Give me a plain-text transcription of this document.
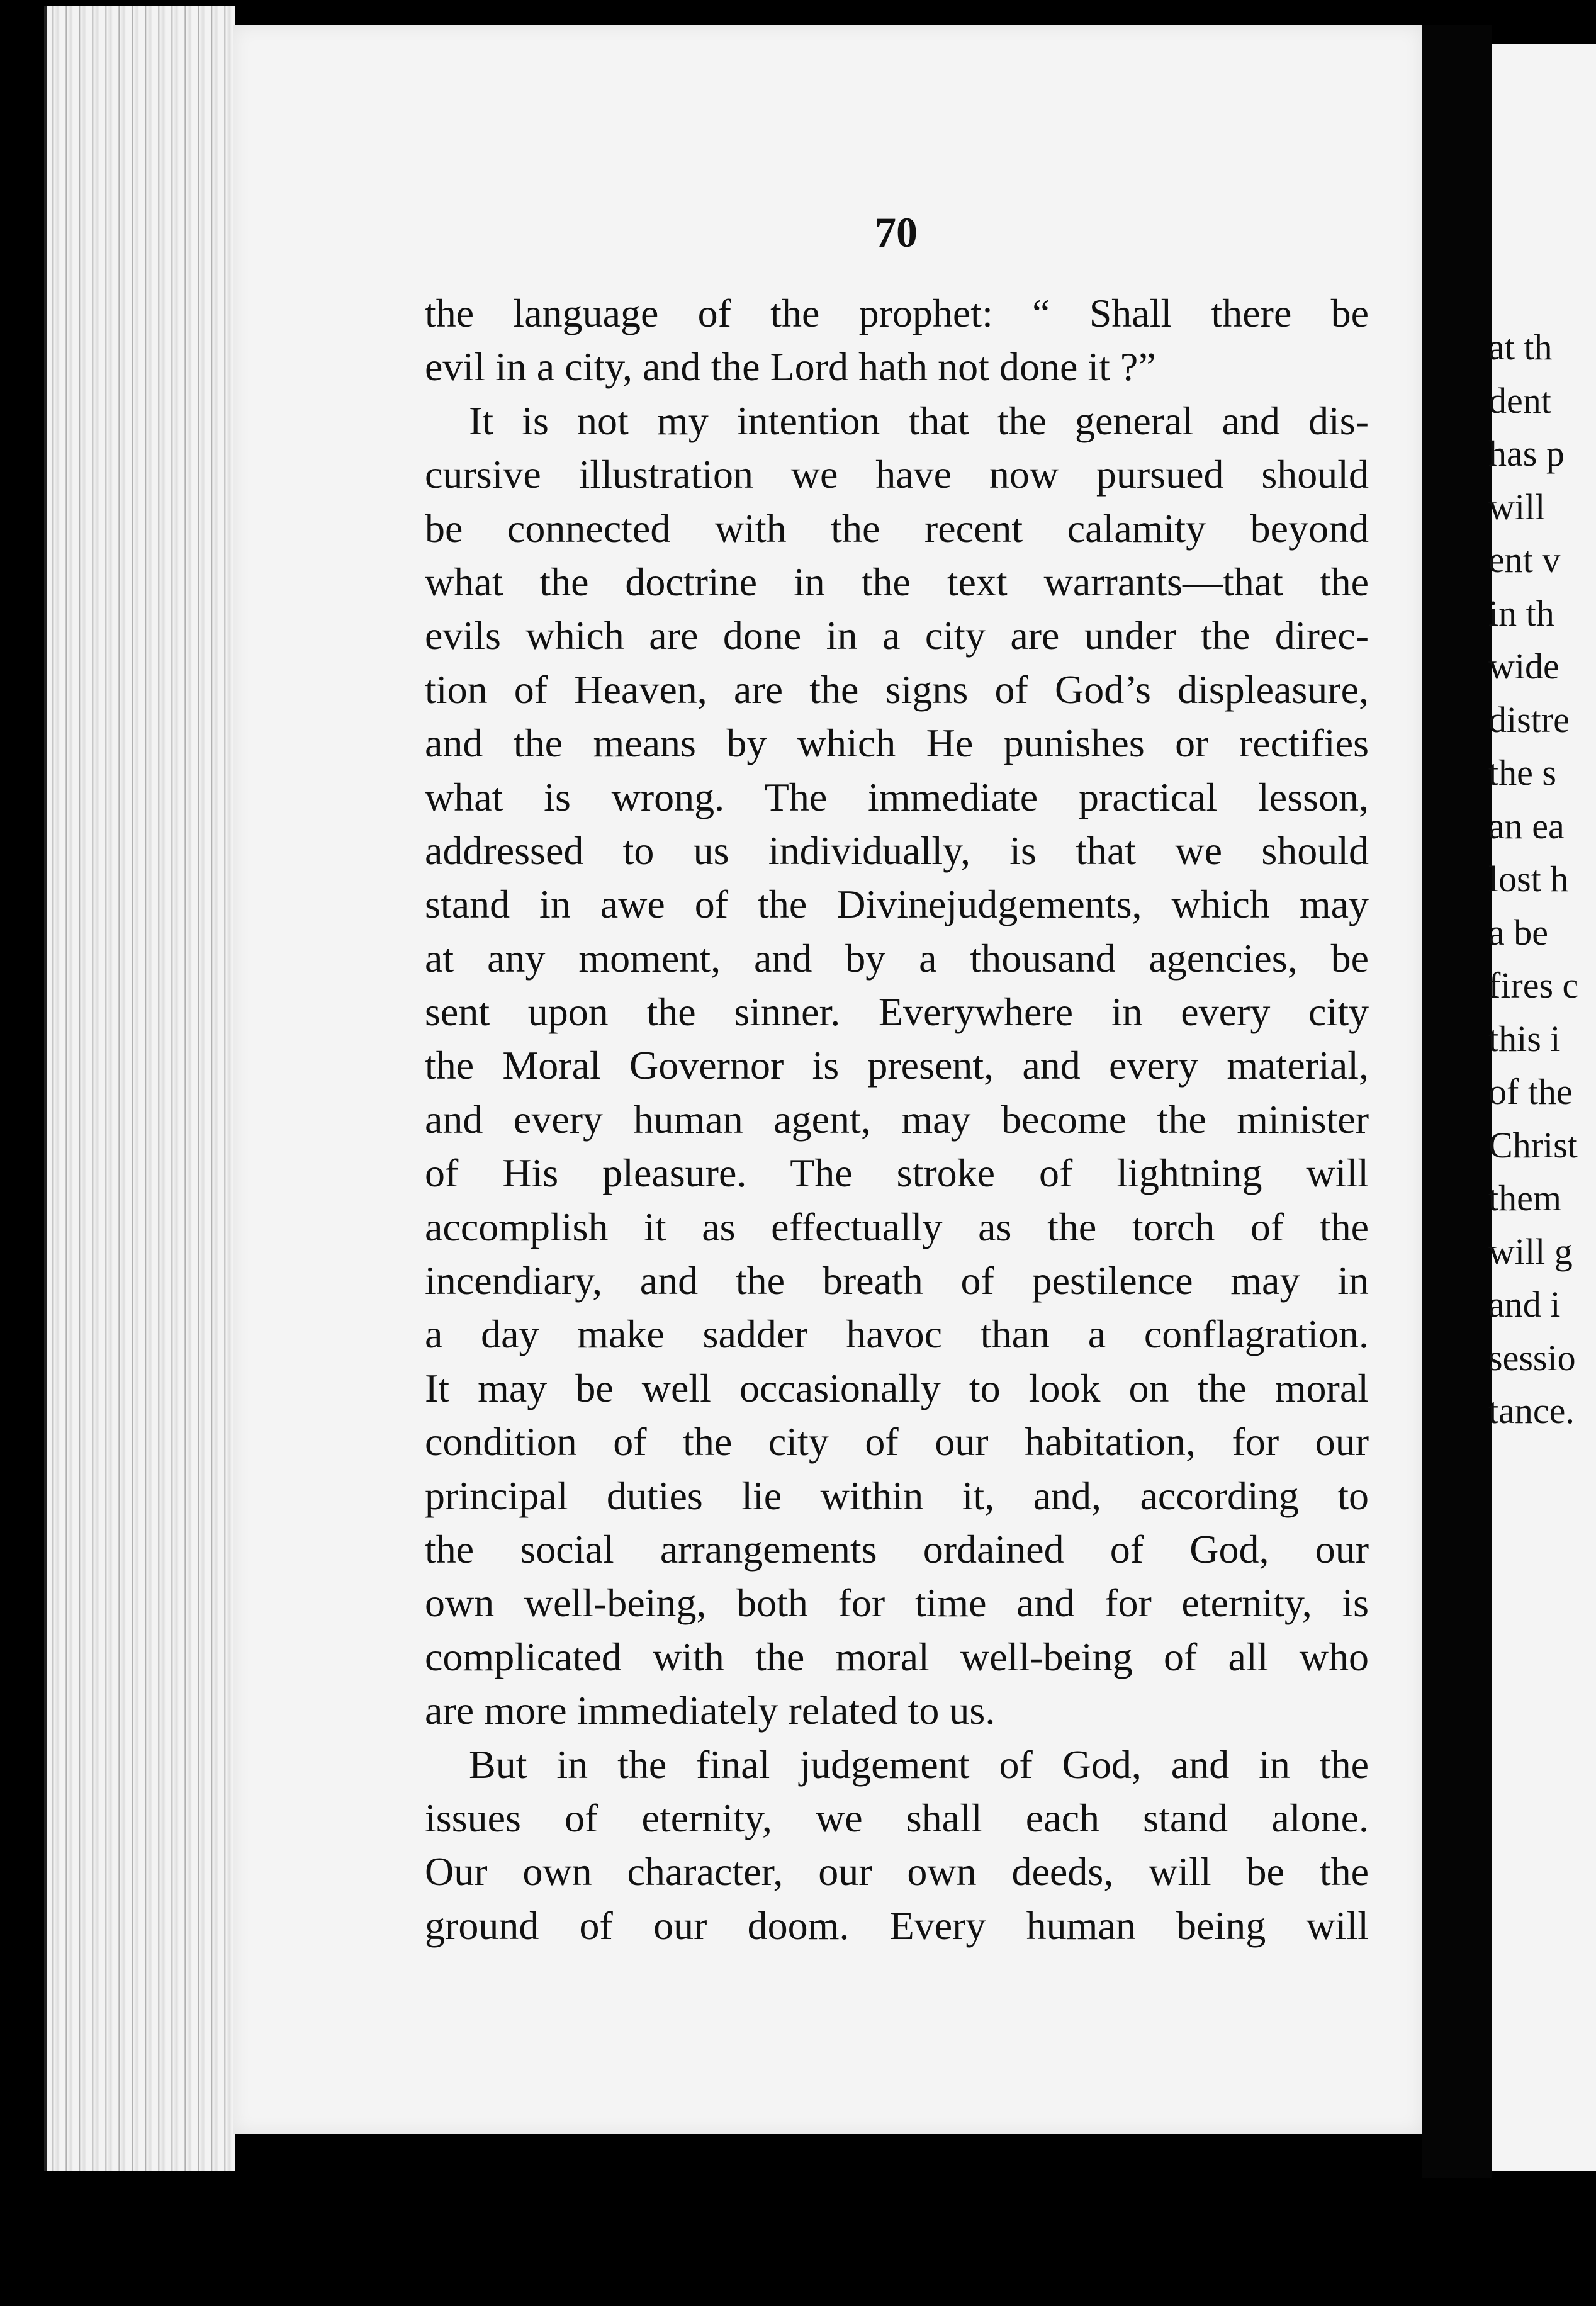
70
the language of the prophet: “ Shall there be
evil in a city, and the Lord hath not done it ?”
It is not my intention that the general and dis-
cursive illustration we have now pursued should
be connected with the recent calamity beyond
what the doctrine in the text warrants—that the
evils which are done in a city are under the direc-
tion of Heaven, are the signs of God’s displeasure,
and the means by which He punishes or rectifies
what is wrong. The immediate practical lesson,
addressed to us individually, is that we should
stand in awe of the Divinejudgements, which may
at any moment, and by a thousand agencies, be
sent upon the sinner. Everywhere in every city
the Moral Governor is present, and every material,
and every human agent, may become the minister
of His pleasure. The stroke of lightning will
accomplish it as effectually as the torch of the
incendiary, and the breath of pestilence may in
a day make sadder havoc than a conflagration.
It may be well occasionally to look on the moral
condition of the city of our habitation, for our
principal duties lie within it, and, according to
the social arrangements ordained of God, our
own well-being, both for time and for eternity, is
complicated with the moral well-being of all who
are more immediately related to us.
But in the final judgement of God, and in the
issues of eternity, we shall each stand alone.
Our own character, our own deeds, will be the
ground of our doom. Every human being will
at th
dent
has p
will
ent v
in th
wide
distre
the s
an ea
lost h
a be
fires c
this i
of the
Christ
them
will g
and i
sessio
tance.
